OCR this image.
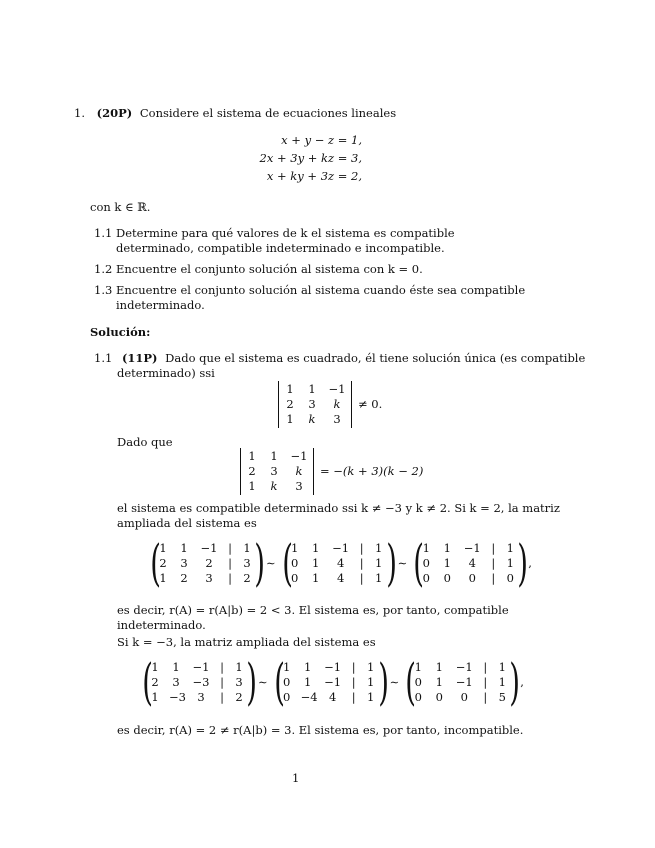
1. (20P) Considere el sistema de ecuaciones lineales
x + y − z = 1,
2x + 3y + kz = 3,
x + ky + 3z = 2,
con k ∈ ℝ.
1.1 Determine para qué valores de k el sistema es compatible determinado, compatible indeterminado e incompatible.
1.2 Encuentre el conjunto solución al sistema con k = 0.
1.3 Encuentre el conjunto solución al sistema cuando éste sea compatible indeterminado.
Solución:
1.1 (11P) Dado que el sistema es cuadrado, él tiene solución única (es compatible
determinado) ssi
1 1 −1
2 3	k
1 k	3
≠ 0.
Dado que
1 1 −1
2 3	k
1 k	3
= −(k + 3)(k − 2)
el sistema es compatible determinado ssi k ≠ −3 y k ≠ 2. Si k = 2, la matriz
ampliada del sistema es
(
1 1 −1 | 1
2 3	2	| 3
1 2	3	| 2 ) ∼ (
1 1 −1 | 1
0 1	4	| 1
0 1	4	| 1 ) ∼ (
1 1 −1 | 1
0 1	4	| 1
0 0	0	| 0 ) ,
es decir, r(A) = r(A|b) = 2 < 3. El sistema es, por tanto, compatible
indeterminado.
Si k = −3, la matriz ampliada del sistema es
(
1 1 −1 | 1
2 3 −3 | 3
1 −3 3	| 2 ) ∼ (
1 1 −1 | 1
0 1 −1 | 1
0 −4 4	| 1 ) ∼ (
1 1 −1 | 1
0 1 −1 | 1
0 0	0	| 5 ) ,
es decir, r(A) = 2 ≠ r(A|b) = 3. El sistema es, por tanto, incompatible.
1
